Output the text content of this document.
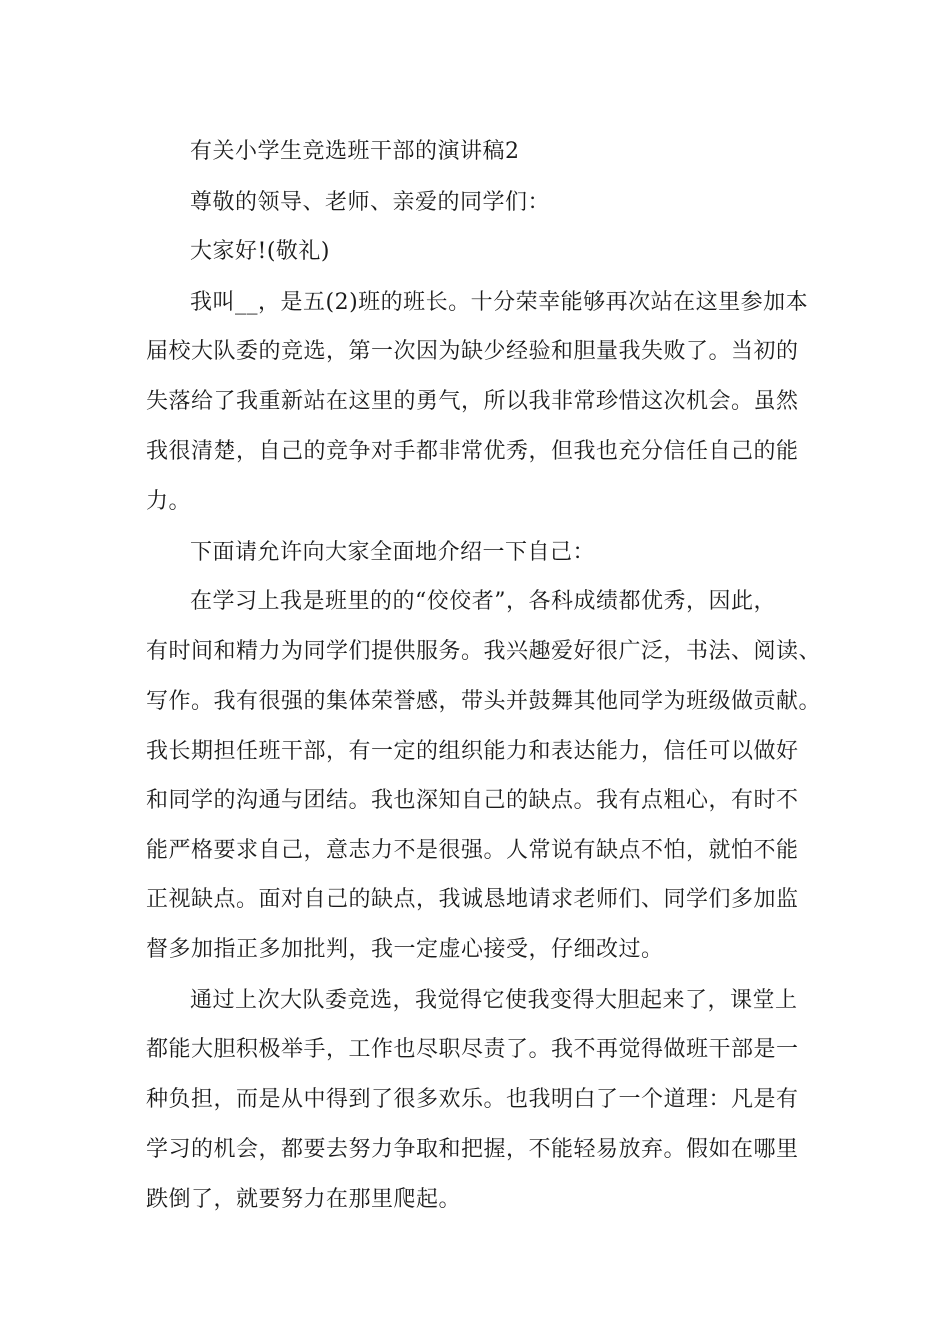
有关小学生竞选班干部的演讲稿2
尊敬的领导、老师、亲爱的同学们：
大家好!(敬礼)
我叫__，是五(2)班的班长。十分荣幸能够再次站在这里参加本
届校大队委的竞选，第一次因为缺少经验和胆量我失败了。当初的
失落给了我重新站在这里的勇气，所以我非常珍惜这次机会。虽然
我很清楚，自己的竞争对手都非常优秀，但我也充分信任自己的能
力。
下面请允许向大家全面地介绍一下自己：
在学习上我是班里的的“佼佼者”，各科成绩都优秀，因此，
有时间和精力为同学们提供服务。我兴趣爱好很广泛，书法、阅读、
写作。我有很强的集体荣誉感，带头并鼓舞其他同学为班级做贡献。
我长期担任班干部，有一定的组织能力和表达能力，信任可以做好
和同学的沟通与团结。我也深知自己的缺点。我有点粗心，有时不
能严格要求自己，意志力不是很强。人常说有缺点不怕，就怕不能
正视缺点。面对自己的缺点，我诚恳地请求老师们、同学们多加监
督多加指正多加批判，我一定虚心接受，仔细改过。
通过上次大队委竞选，我觉得它使我变得大胆起来了，课堂上
都能大胆积极举手，工作也尽职尽责了。我不再觉得做班干部是一
种负担，而是从中得到了很多欢乐。也我明白了一个道理：凡是有
学习的机会，都要去努力争取和把握，不能轻易放弃。假如在哪里
跌倒了，就要努力在那里爬起。
